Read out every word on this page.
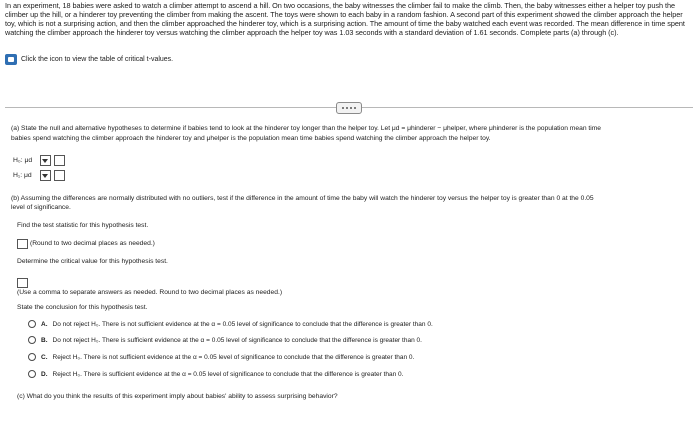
In an experiment, 18 babies were asked to watch a climber attempt to ascend a hill. On two occasions, the baby witnesses the climber fail to make the climb. Then, the baby witnesses either a helper toy push the climber up the hill, or a hinderer toy preventing the climber from making the ascent. The toys were shown to each baby in a random fashion. A second part of this experiment showed the climber approach the helper toy, which is not a surprising action, and then the climber approached the hinderer toy, which is a surprising action. The amount of time the baby watched each event was recorded. The mean difference in time spent watching the climber approach the hinderer toy versus watching the climber approach the helper toy was 1.03 seconds with a standard deviation of 1.61 seconds. Complete parts (a) through (c).
Click the icon to view the table of critical t-values.
(a) State the null and alternative hypotheses to determine if babies tend to look at the hinderer toy longer than the helper toy. Let μd = μhinderer − μhelper, where μhinderer is the population mean time
babies spend watching the climber approach the hinderer toy and μhelper is the population mean time babies spend watching the climber approach the helper toy.
H₀: μd
H₁: μd
(b) Assuming the differences are normally distributed with no outliers, test if the difference in the amount of time the baby will watch the hinderer toy versus the helper toy is greater than 0 at the 0.05
level of significance.
Find the test statistic for this hypothesis test.
(Round to two decimal places as needed.)
Determine the critical value for this hypothesis test.
(Use a comma to separate answers as needed. Round to two decimal places as needed.)
State the conclusion for this hypothesis test.
A. Do not reject H₀. There is not sufficient evidence at the α = 0.05 level of significance to conclude that the difference is greater than 0.
B. Do not reject H₀. There is sufficient evidence at the α = 0.05 level of significance to conclude that the difference is greater than 0.
C. Reject H₀. There is not sufficient evidence at the α = 0.05 level of significance to conclude that the difference is greater than 0.
D. Reject H₀. There is sufficient evidence at the α = 0.05 level of significance to conclude that the difference is greater than 0.
(c) What do you think the results of this experiment imply about babies' ability to assess surprising behavior?
